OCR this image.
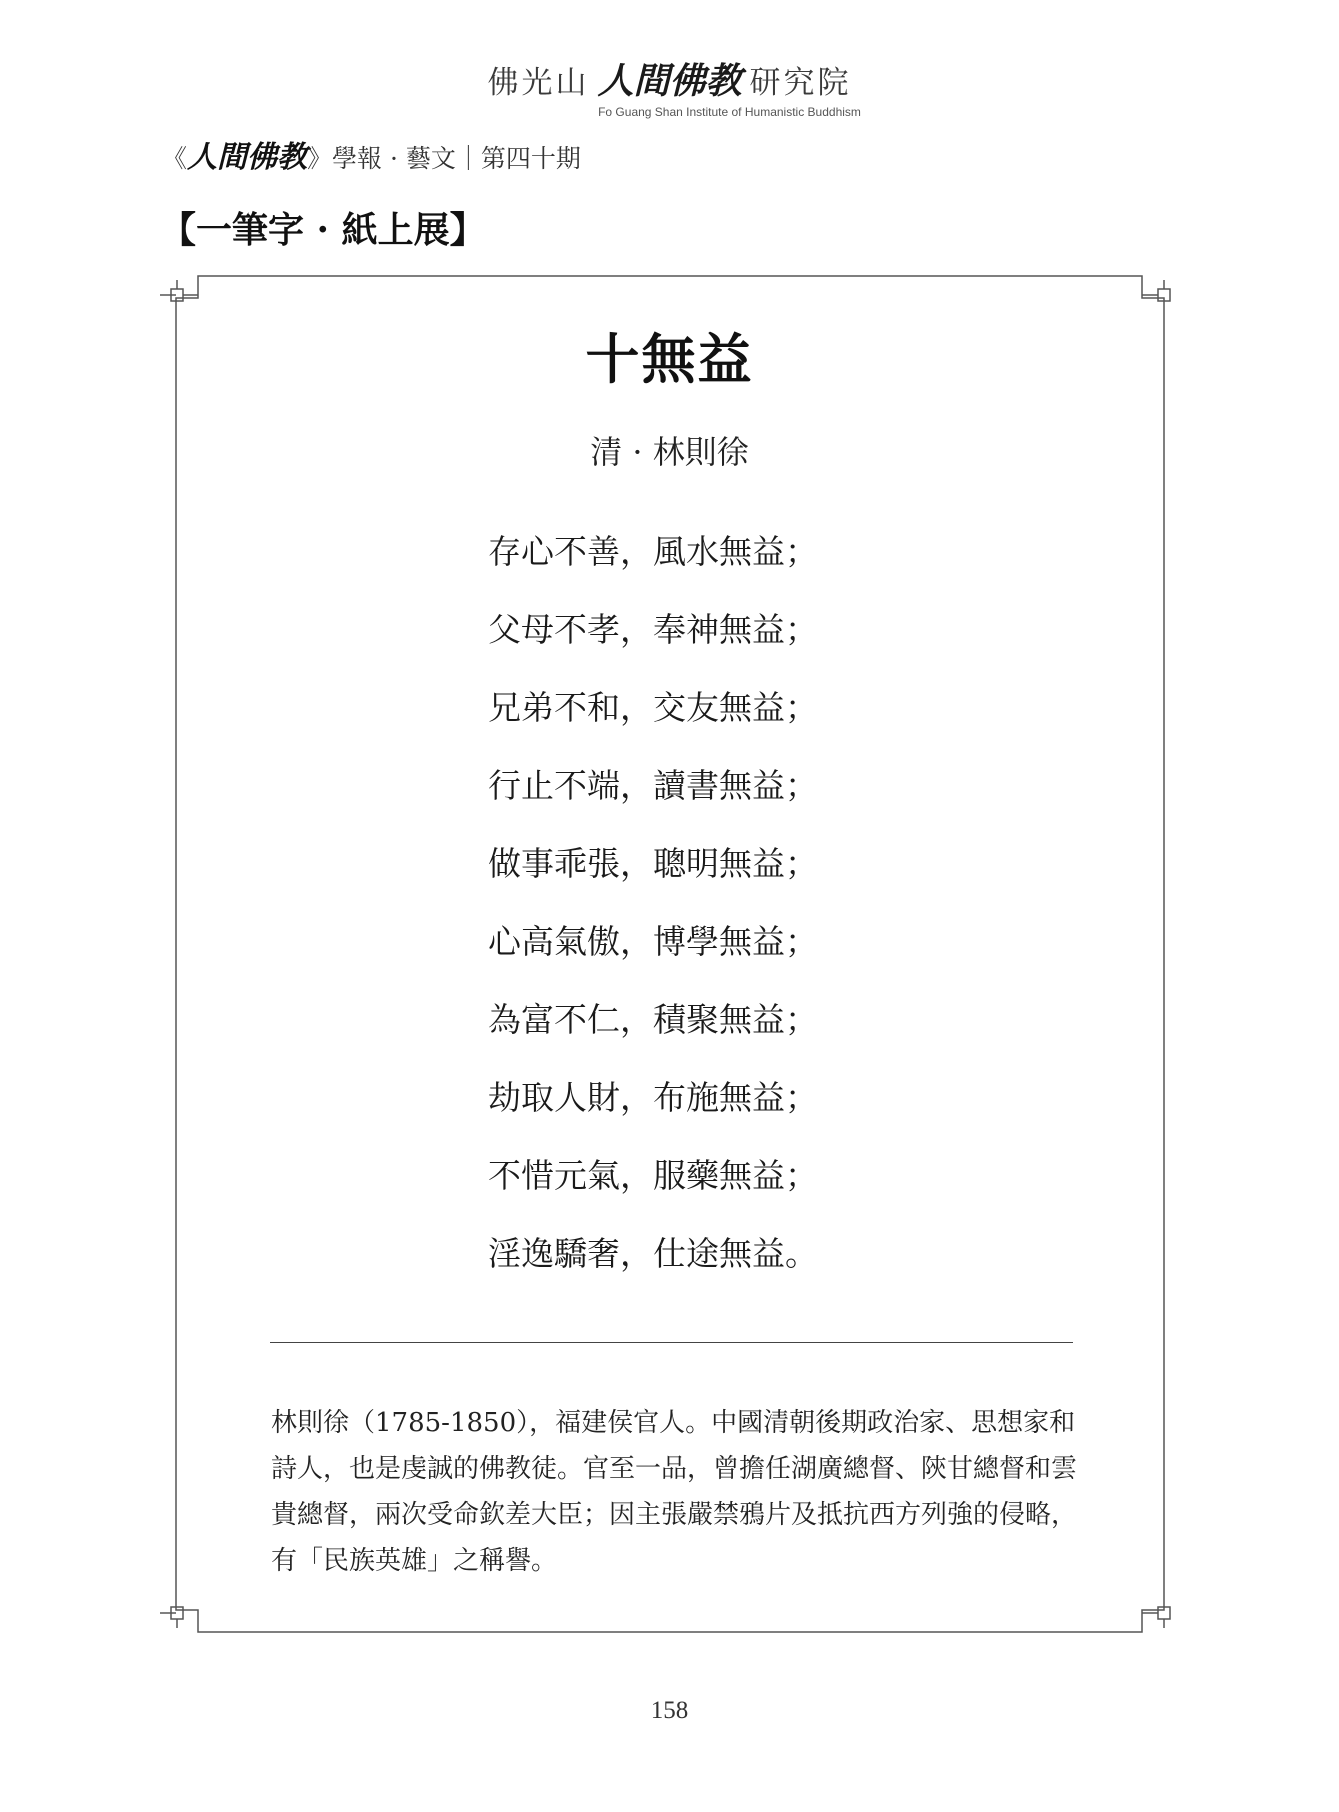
佛光山 人間佛教 研究院
Fo Guang Shan Institute of Humanistic Buddhism
《人間佛教》學報 · 藝文｜第四十期
【一筆字 · 紙上展】
十無益
清 · 林則徐
存心不善，風水無益；
父母不孝，奉神無益；
兄弟不和，交友無益；
行止不端，讀書無益；
做事乖張，聰明無益；
心高氣傲，博學無益；
為富不仁，積聚無益；
劫取人財，布施無益；
不惜元氣，服藥無益；
淫逸驕奢，仕途無益。

林則徐（1785-1850），福建侯官人。中國清朝後期政治家、思想家和詩人，也是虔誠的佛教徒。官至一品，曾擔任湖廣總督、陝甘總督和雲貴總督，兩次受命欽差大臣；因主張嚴禁鴉片及抵抗西方列強的侵略，有「民族英雄」之稱譽。

158
